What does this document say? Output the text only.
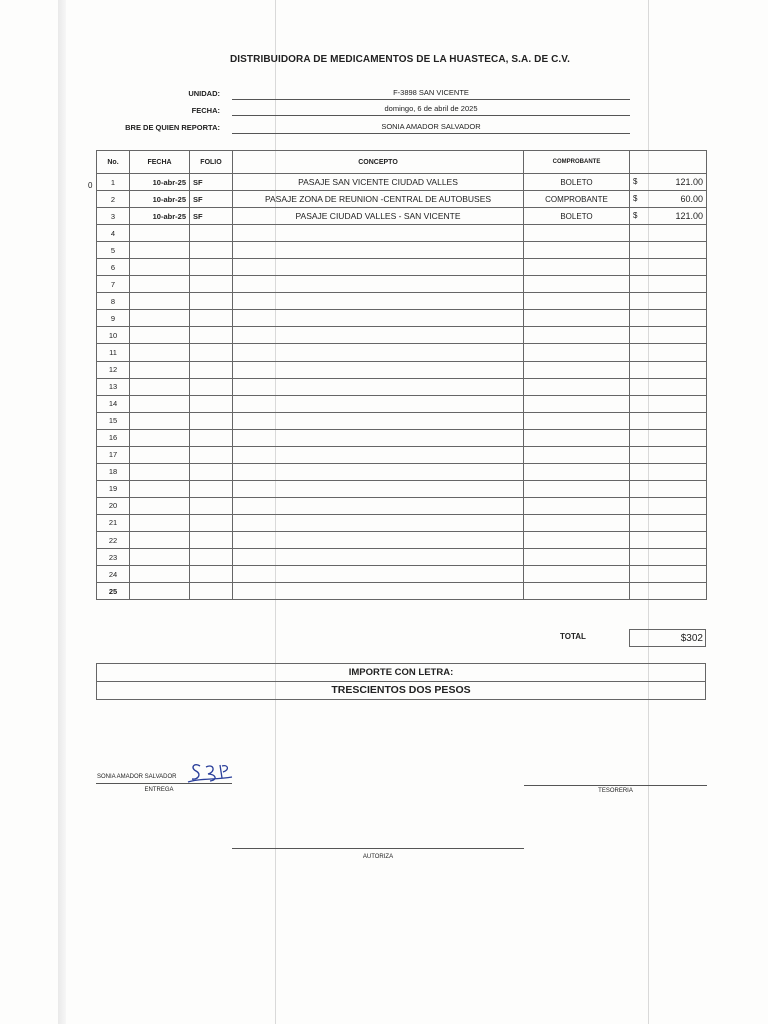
DISTRIBUIDORA DE MEDICAMENTOS DE LA HUASTECA, S.A. DE C.V.
UNIDAD:	F-3898 SAN VICENTE
FECHA:	domingo, 6 de abril de 2025
BRE DE QUIEN REPORTA:	SONIA AMADOR SALVADOR
0
No.	FECHA	FOLIO	CONCEPTO	COMPROBANTE	
1	10-abr-25	SF	PASAJE SAN VICENTE CIUDAD VALLES	BOLETO	$ 121.00

2	10-abr-25	SF	PASAJE ZONA DE REUNION -CENTRAL DE AUTOBUSES	COMPROBANTE	$ 60.00

3	10-abr-25	SF	PASAJE CIUDAD VALLES - SAN VICENTE	BOLETO	$ 121.00

4					

5					

6					

7					

8					

9					

10					

11					

12					

13					

14					

15					

16					

17					

18					

19					

20					

21					

22					

23					

24					

25					
TOTAL	$302
IMPORTE CON LETRA:
TRESCIENTOS DOS PESOS
SONIA AMADOR SALVADOR
ENTREGA	TESORERIA
AUTORIZA
